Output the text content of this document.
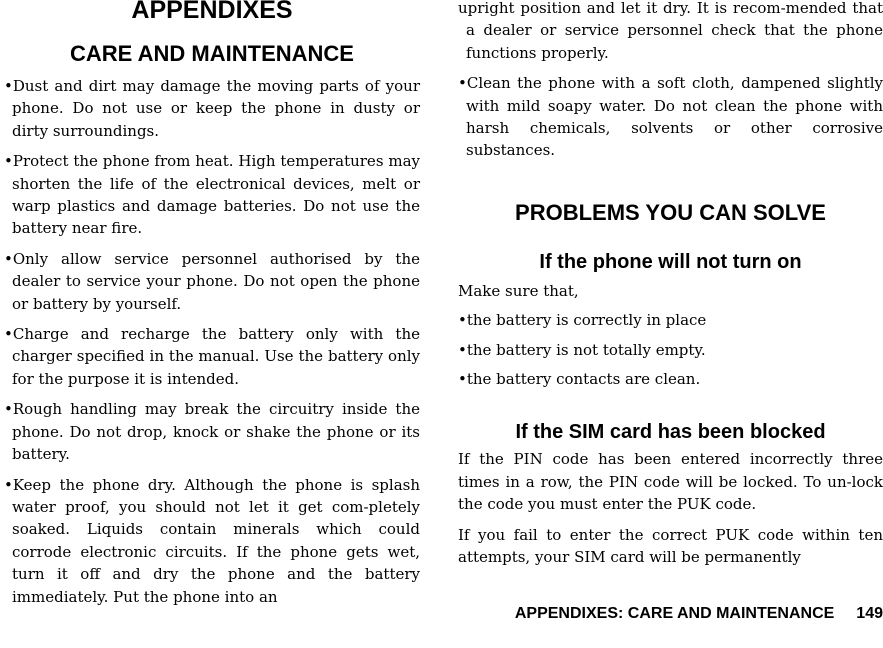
APPENDIXES
CARE AND MAINTENANCE

•Dust and dirt may damage the moving parts of your phone. Do not use or keep the phone in dusty or dirty surroundings.

•Protect the phone from heat. High temperatures may shorten the life of the electronical devices, melt or warp plastics and damage batteries. Do not use the battery near fire.

•Only allow service personnel authorised by the dealer to service your phone. Do not open the phone or battery by yourself.

•Charge and recharge the battery only with the charger specified in the manual. Use the battery only for the purpose it is intended.

•Rough handling may break the circuitry inside the phone. Do not drop, knock or shake the phone or its battery.

•Keep the phone dry. Although the phone is splash water proof, you should not let it get com-pletely soaked. Liquids contain minerals which could corrode electronic circuits. If the phone gets wet, turn it off and dry the phone and the battery immediately. Put the phone into an

upright position and let it dry. It is recom-mended that a dealer or service personnel check that the phone functions properly.

•Clean the phone with a soft cloth, dampened slightly with mild soapy water. Do not clean the phone with harsh chemicals, solvents or other corrosive substances.

PROBLEMS YOU CAN SOLVE
If the phone will not turn on

Make sure that,

•the battery is correctly in place

•the battery is not totally empty.

•the battery contacts are clean.

If the SIM card has been blocked

If the PIN code has been entered incorrectly three times in a row, the PIN code will be locked. To un-lock the code you must enter the PUK code.

If you fail to enter the correct PUK code within ten attempts, your SIM card will be permanently

APPENDIXES: CARE AND MAINTENANCE 149
